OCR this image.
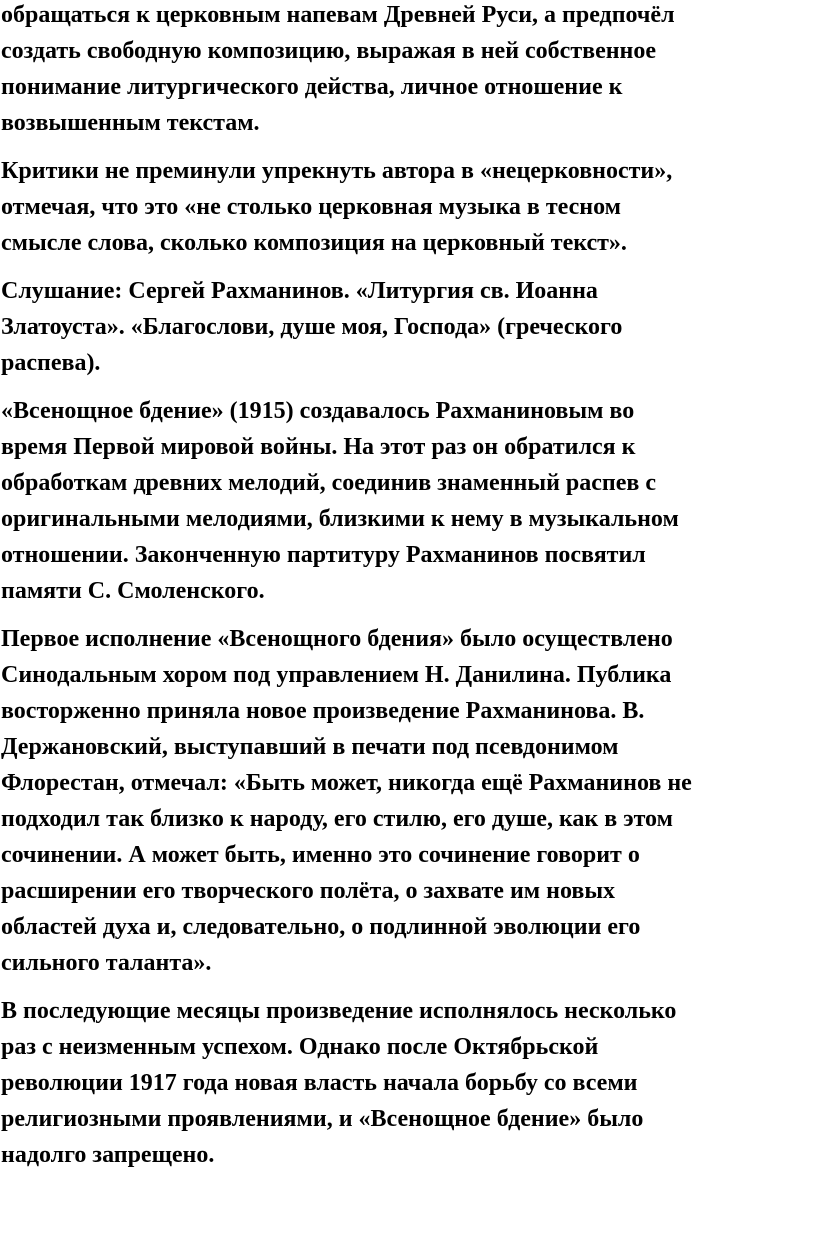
обращаться к церковным напевам Древней Руси, а предпочёл
создать свободную композицию, выражая в ней собственное
понимание литургического действа, личное отношение к
возвышенным текстам.

Критики не преминули упрекнуть автора в «нецерковности»,
отмечая, что это «не столько церковная музыка в тесном
смысле слова, сколько композиция на церковный текст».

Слушание: Сергей Рахманинов. «Литургия св. Иоанна
Златоуста». «Благослови, душе моя, Господа» (греческого
распева).

«Всенощное бдение» (1915) создавалось Рахманиновым во
время Первой мировой войны. На этот раз он обратился к
обработкам древних мелодий, соединив знаменный распев с
оригинальными мелодиями, близкими к нему в музыкальном
отношении. Законченную партитуру Рахманинов посвятил
памяти С. Смоленского.

Первое исполнение «Всенощного бдения» было осуществлено
Синодальным хором под управлением Н. Данилина. Публика
восторженно приняла новое произведение Рахманинова. В.
Держановский, выступавший в печати под псевдонимом
Флорестан, отмечал: «Быть может, никогда ещё Рахманинов не
подходил так близко к народу, его стилю, его душе, как в этом
сочинении. А может быть, именно это сочинение говорит о
расширении его творческого полёта, о захвате им новых
областей духа и, следовательно, о подлинной эволюции его
сильного таланта».

В последующие месяцы произведение исполнялось несколько
раз с неизменным успехом. Однако после Октябрьской
революции 1917 года новая власть начала борьбу со всеми
религиозными проявлениями, и «Всенощное бдение» было
надолго запрещено.
